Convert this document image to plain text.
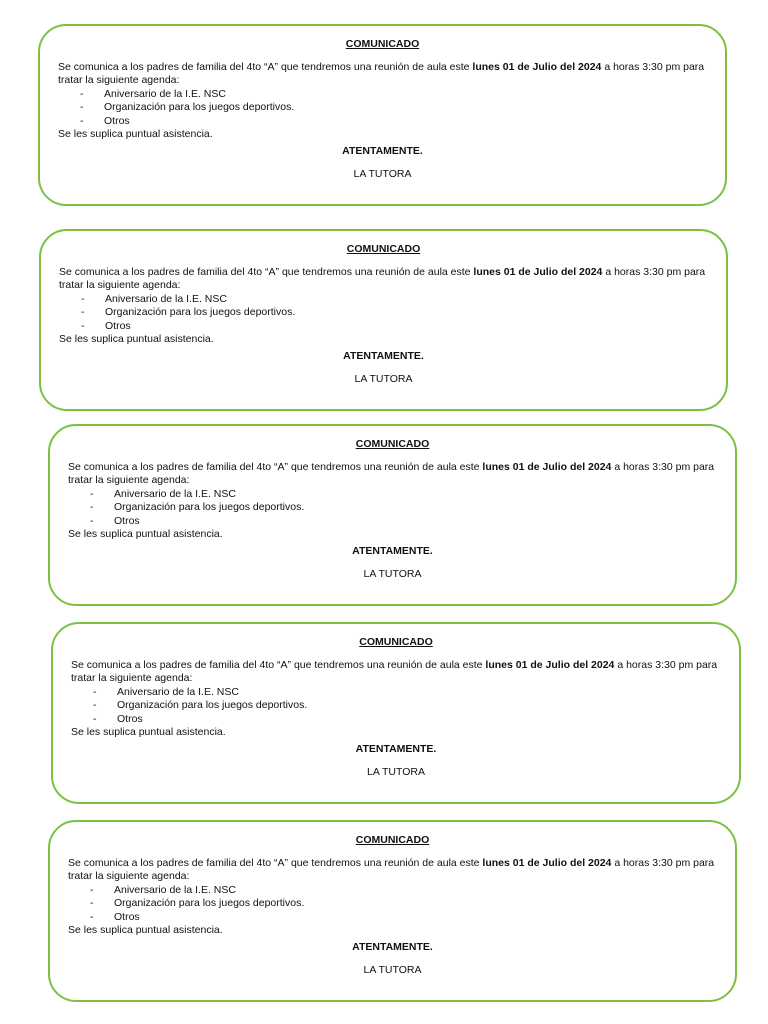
COMUNICADO

Se comunica a los padres de familia del 4to “A” que tendremos una reunión de aula este lunes 01 de Julio del 2024 a horas 3:30 pm para tratar la siguiente agenda:

- Aniversario de la I.E. NSC
- Organización para los juegos deportivos.
- Otros

Se les suplica puntual asistencia.

ATENTAMENTE.
LA TUTORA
COMUNICADO

Se comunica a los padres de familia del 4to “A” que tendremos una reunión de aula este lunes 01 de Julio del 2024 a horas 3:30 pm para tratar la siguiente agenda:

- Aniversario de la I.E. NSC
- Organización para los juegos deportivos.
- Otros

Se les suplica puntual asistencia.

ATENTAMENTE.
LA TUTORA
COMUNICADO

Se comunica a los padres de familia del 4to “A” que tendremos una reunión de aula este lunes 01 de Julio del 2024 a horas 3:30 pm para tratar la siguiente agenda:

- Aniversario de la I.E. NSC
- Organización para los juegos deportivos.
- Otros

Se les suplica puntual asistencia.

ATENTAMENTE.
LA TUTORA
COMUNICADO

Se comunica a los padres de familia del 4to “A” que tendremos una reunión de aula este lunes 01 de Julio del 2024 a horas 3:30 pm para tratar la siguiente agenda:

- Aniversario de la I.E. NSC
- Organización para los juegos deportivos.
- Otros

Se les suplica puntual asistencia.

ATENTAMENTE.
LA TUTORA
COMUNICADO

Se comunica a los padres de familia del 4to “A” que tendremos una reunión de aula este lunes 01 de Julio del 2024 a horas 3:30 pm para tratar la siguiente agenda:

- Aniversario de la I.E. NSC
- Organización para los juegos deportivos.
- Otros

Se les suplica puntual asistencia.

ATENTAMENTE.
LA TUTORA
